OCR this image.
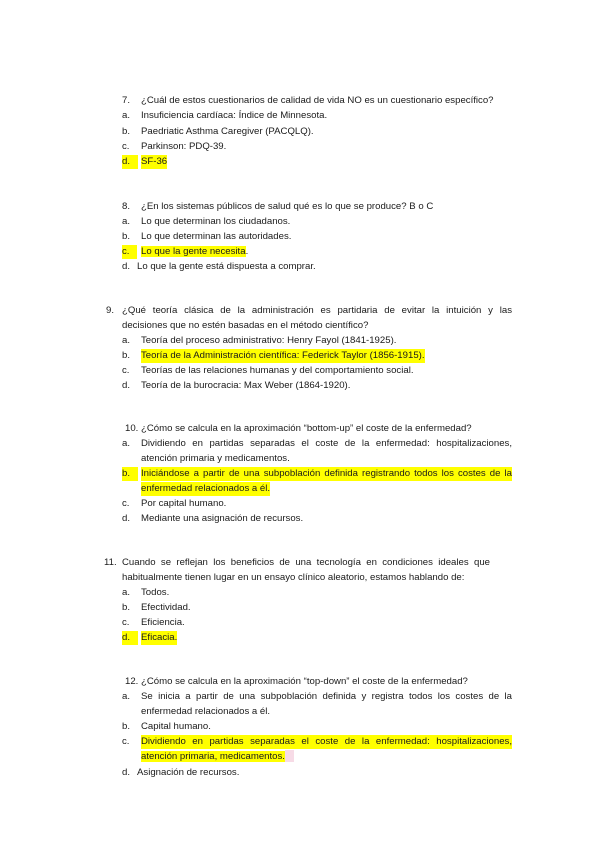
7. ¿Cuál de estos cuestionarios de calidad de vida NO es un cuestionario específico?
a. Insuficiencia cardíaca: Índice de Minnesota.
b. Paedriatic Asthma Caregiver (PACQLQ).
c. Parkinson: PDQ-39.
d.	SF-36
8. ¿En los sistemas públicos de salud qué es lo que se produce? B o C
a. Lo que determinan los ciudadanos.
b. Lo que determinan las autoridades.
c.	Lo que la gente necesita.
d. Lo que la gente está dispuesta a comprar.
9. ¿Qué teoría clásica de la administración es partidaria de evitar la intuición y las
decisiones que no estén basadas en el método científico?
a. Teoría del proceso administrativo: Henry Fayol (1841-1925).
b. Teoría de la Administración científica: Federick Taylor (1856-1915).
c. Teorías de las relaciones humanas y del comportamiento social.
d. Teoría de la burocracia: Max Weber (1864-1920).
10. ¿Cómo se calcula en la aproximación “bottom-up” el coste de la enfermedad?
a. Dividiendo en partidas separadas el coste de la enfermedad: hospitalizaciones,
atención primaria y medicamentos.
b.	Iniciándose a partir de una subpoblación definida registrando todos los costes de la
enfermedad relacionados a él.
c. Por capital humano.
d. Mediante una asignación de recursos.
11. Cuando se reflejan los beneficios de una tecnología en condiciones ideales que
habitualmente tienen lugar en un ensayo clínico aleatorio, estamos hablando de:
a. Todos.
b. Efectividad.
c. Eficiencia.
d.	Eficacia.
12. ¿Cómo se calcula en la aproximación “top-down” el coste de la enfermedad?
a. Se inicia a partir de una subpoblación definida y registra todos los costes de la
enfermedad relacionados a él.
b. Capital humano.
c. Dividiendo en partidas separadas el coste de la enfermedad: hospitalizaciones,
atención primaria, medicamentos.
d. Asignación de recursos.
